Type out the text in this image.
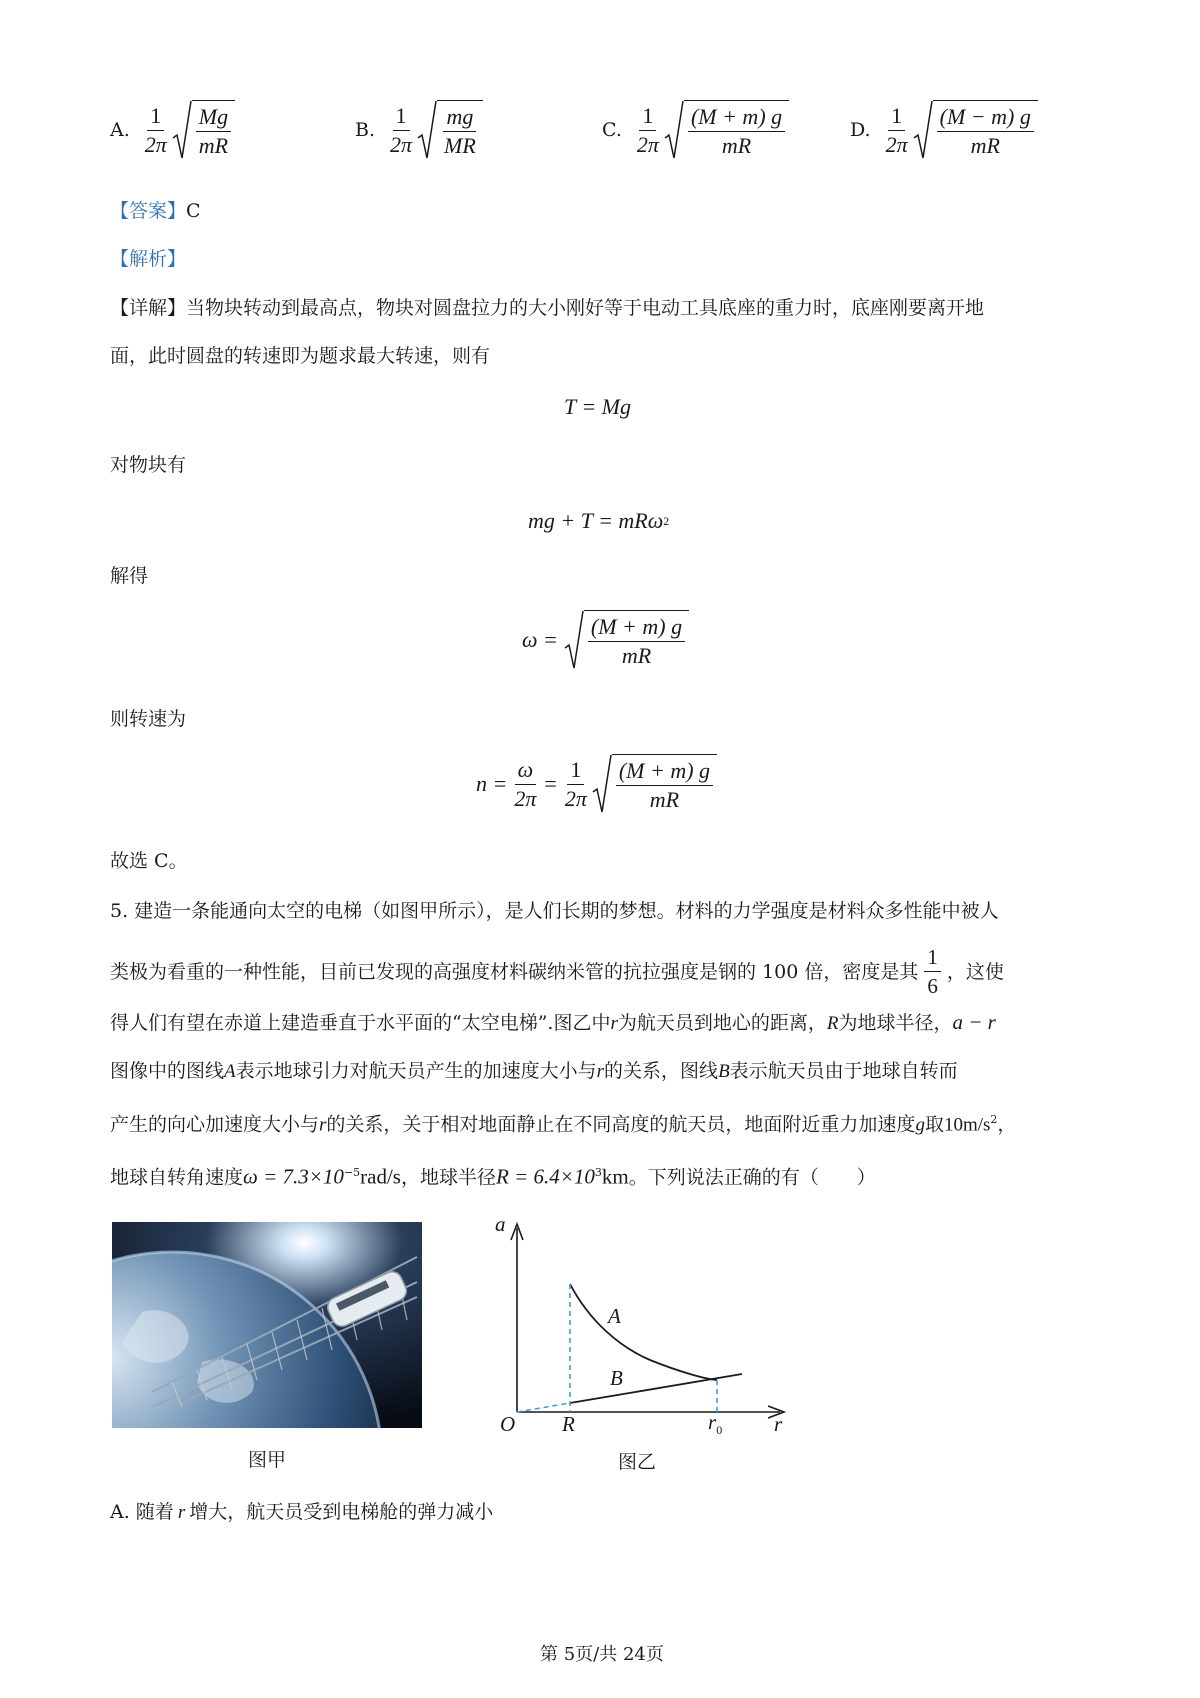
A. $\frac{1}{2\pi} \frac{Mg}{mR}$	B. $\frac{1}{2\pi} \frac{mg}{MR}$	C. $\frac{1}{2\pi} \frac{(M + m) g}{mR}$	D. $\frac{1}{2\pi} \frac{(M - m) g}{mR}$
【答案】C
【解析】
【详解】当物块转动到最高点，物块对圆盘拉力的大小刚好等于电动工具底座的重力时，底座刚要离开地
面，此时圆盘的转速即为题求最大转速，则有
T = Mg
对物块有
mg + T = mRω 2
解得
$\omega = \frac{(M + m) g}{mR}$
则转速为
$n = \frac{\omega}{2\pi} = \frac{1}{2\pi} \frac{(M + m) g}{mR}$
故选 C。
5. 建造一条能通向太空的电梯（如图甲所示），是人们长期的梦想。材料的力学强度是材料众多性能中被人
类极为看重的一种性能，目前已发现的高强度材料碳纳米管的抗拉强度是钢的 100 倍，密度是其 $\frac{1}{6}$ ，这使
得人们有望在赤道上建造垂直于水平面的“太空电梯”.图乙中r为航天员到地心的距离，R为地球半径，a − r
图像中的图线A表示地球引力对航天员产生的加速度大小与r的关系，图线B表示航天员由于地球自转而
产生的向心加速度大小与r的关系，关于相对地面静止在不同高度的航天员，地面附近重力加速度g取$10m/s^2$，
地球自转角速度$\omega = 7.3\times 10^{-5}rad/s$，地球半径$R = 6.4\times 10^3km$。下列说法正确的有（　　）
图甲
a
r
O R	$r_0$
A
B
图乙
A. 随着 r 增大，航天员受到电梯舱的弹力减小
第 5页/共 24页
